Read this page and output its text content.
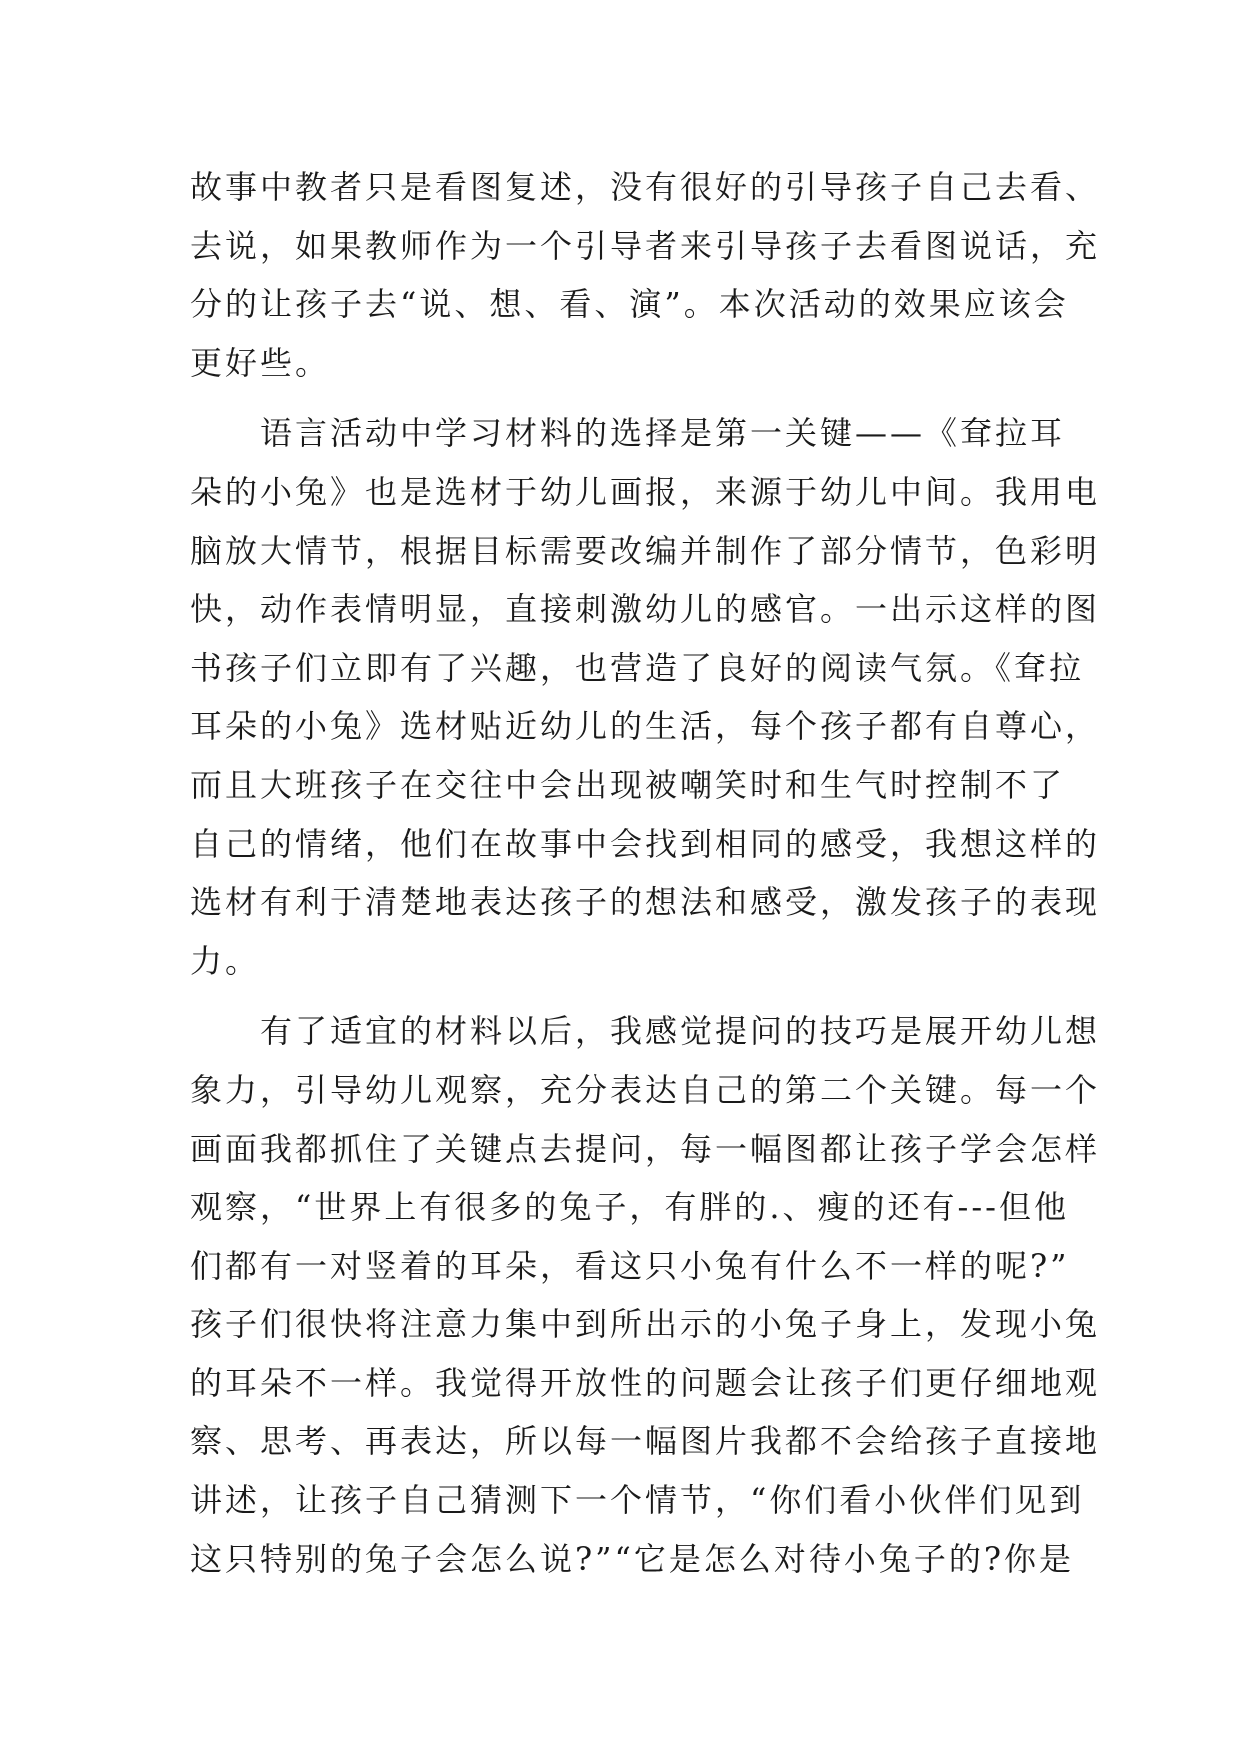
故事中教者只是看图复述，没有很好的引导孩子自己去看、
去说，如果教师作为一个引导者来引导孩子去看图说话，充
分的让孩子去“说、想、看、演”。本次活动的效果应该会
更好些。
　　语言活动中学习材料的选择是第一关键——《耷拉耳
朵的小兔》也是选材于幼儿画报，来源于幼儿中间。我用电
脑放大情节，根据目标需要改编并制作了部分情节，色彩明
快，动作表情明显，直接刺激幼儿的感官。一出示这样的图
书孩子们立即有了兴趣，也营造了良好的阅读气氛。《耷拉
耳朵的小兔》选材贴近幼儿的生活，每个孩子都有自尊心，
而且大班孩子在交往中会出现被嘲笑时和生气时控制不了
自己的情绪，他们在故事中会找到相同的感受，我想这样的
选材有利于清楚地表达孩子的想法和感受，激发孩子的表现
力。
　　有了适宜的材料以后，我感觉提问的技巧是展开幼儿想
象力，引导幼儿观察，充分表达自己的第二个关键。每一个
画面我都抓住了关键点去提问，每一幅图都让孩子学会怎样
观察，“世界上有很多的兔子，有胖的.、瘦的还有---但他
们都有一对竖着的耳朵，看这只小兔有什么不一样的呢?”
孩子们很快将注意力集中到所出示的小兔子身上，发现小兔
的耳朵不一样。我觉得开放性的问题会让孩子们更仔细地观
察、思考、再表达，所以每一幅图片我都不会给孩子直接地
讲述，让孩子自己猜测下一个情节，“你们看小伙伴们见到
这只特别的兔子会怎么说?”“它是怎么对待小兔子的?你是
